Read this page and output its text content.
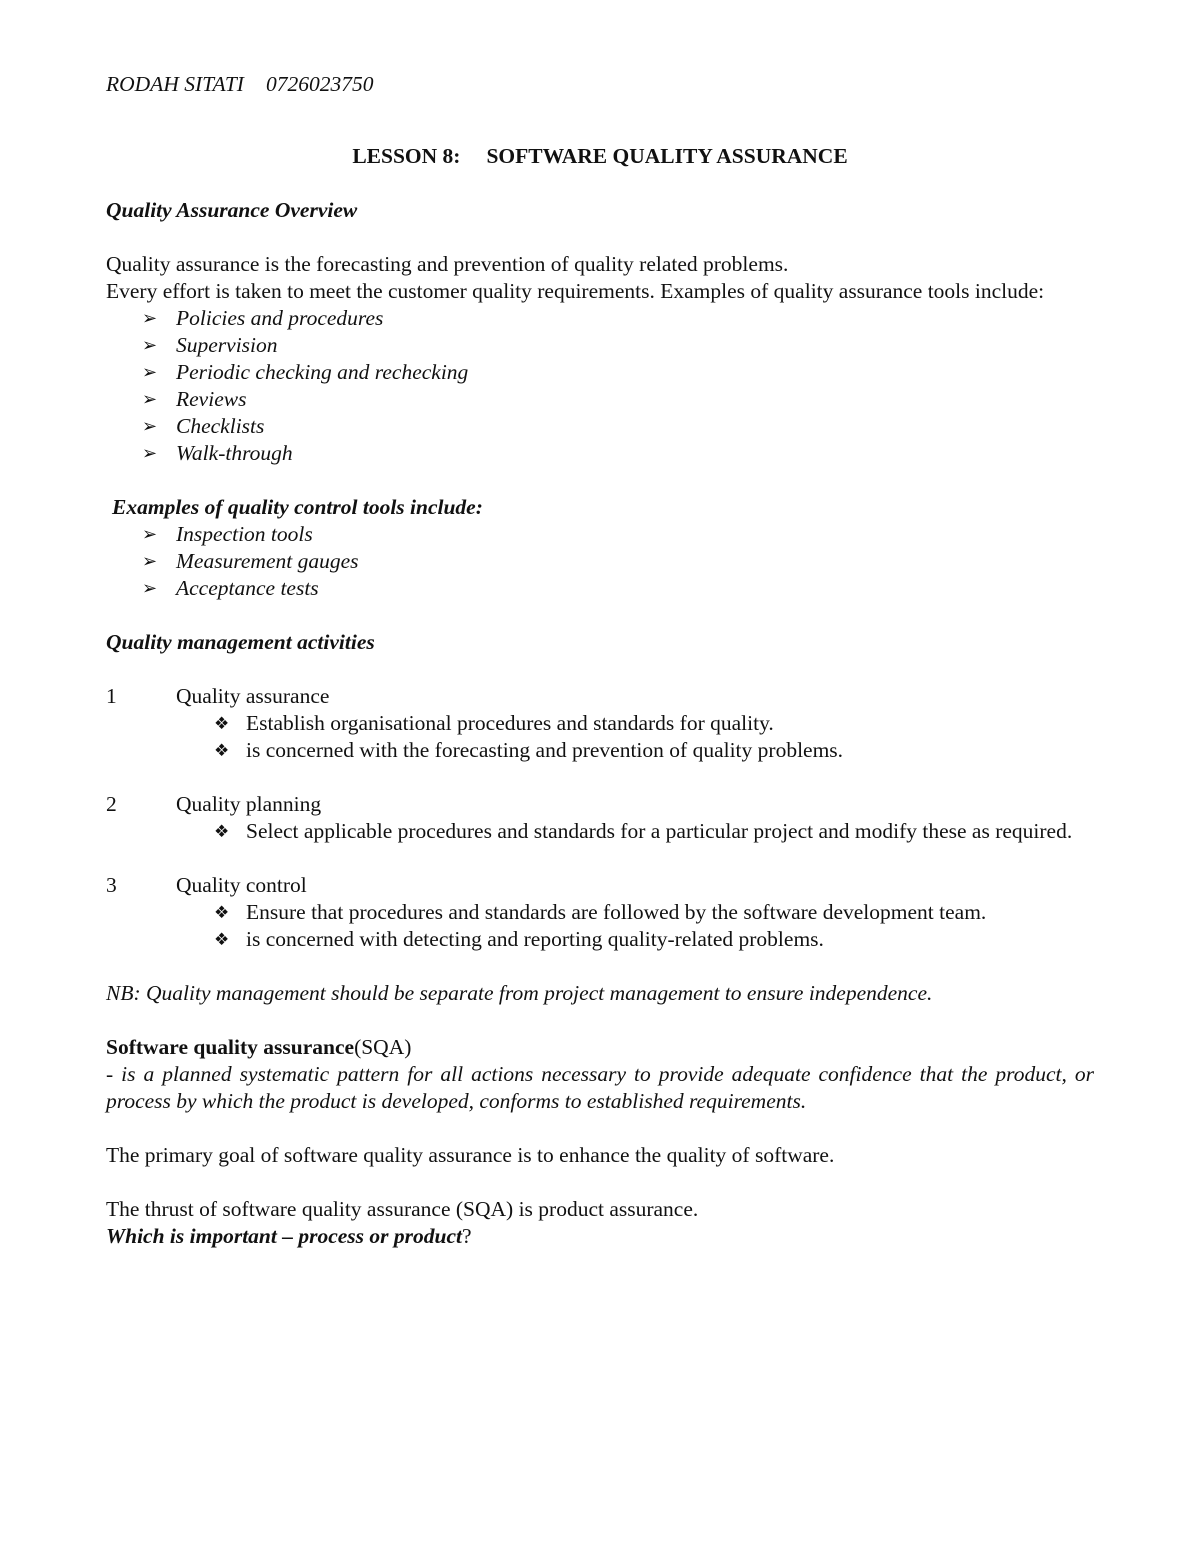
RODAH SITATI 0726023750

LESSON 8: SOFTWARE QUALITY ASSURANCE

Quality Assurance Overview

Quality assurance is the forecasting and prevention of quality related problems.

Every effort is taken to meet the customer quality requirements. Examples of quality assurance tools include:

➢ Policies and procedures
➢ Supervision
➢ Periodic checking and rechecking
➢ Reviews
➢ Checklists
➢ Walk-through

Examples of quality control tools include:

➢ Inspection tools
➢ Measurement gauges
➢ Acceptance tests

Quality management activities

1	Quality assurance
❖ Establish organisational procedures and standards for quality.
❖ is concerned with the forecasting and prevention of quality problems.
2	Quality planning
❖ Select applicable procedures and standards for a particular project and modify these as required.
3	Quality control
❖ Ensure that procedures and standards are followed by the software development team.
❖ is concerned with detecting and reporting quality-related problems.

NB: Quality management should be separate from project management to ensure independence.

Software quality assurance(SQA)

- is a planned systematic pattern for all actions necessary to provide adequate confidence that the product, or process by which the product is developed, conforms to established requirements.

The primary goal of software quality assurance is to enhance the quality of software.

The thrust of software quality assurance (SQA) is product assurance.

Which is important – process or product?
